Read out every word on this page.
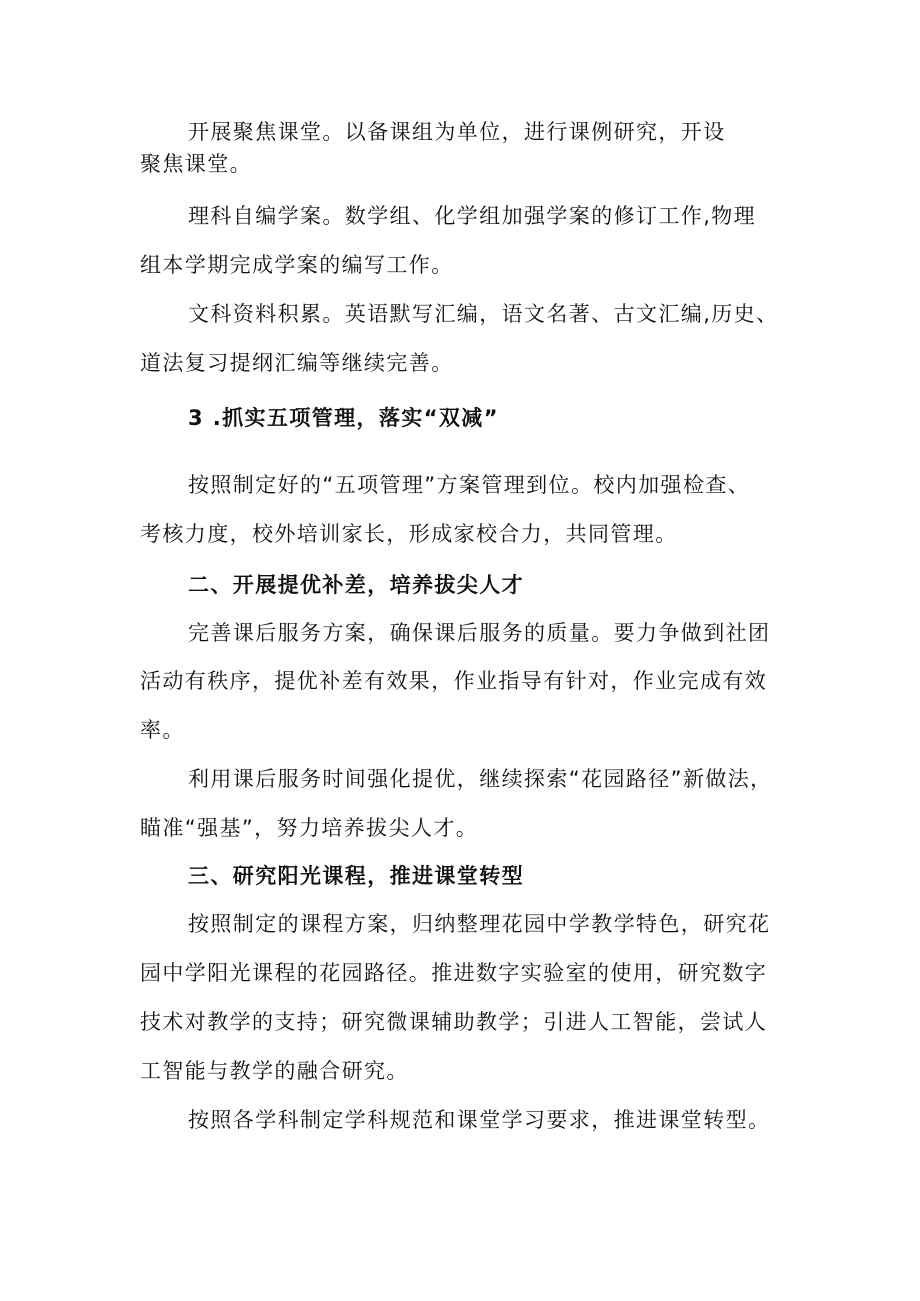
开展聚焦课堂。以备课组为单位，进行课例研究，开设
聚焦课堂。
理科自编学案。数学组、化学组加强学案的修订工作,物理
组本学期完成学案的编写工作。
文科资料积累。英语默写汇编，语文名著、古文汇编,历史、
道法复习提纲汇编等继续完善。
3 .抓实五项管理，落实“双减”
按照制定好的“五项管理”方案管理到位。校内加强检查、
考核力度，校外培训家长，形成家校合力，共同管理。
二、开展提优补差，培养拔尖人才
完善课后服务方案，确保课后服务的质量。要力争做到社团
活动有秩序，提优补差有效果，作业指导有针对，作业完成有效
率。
利用课后服务时间强化提优，继续探索“花园路径”新做法，
瞄准“强基”，努力培养拔尖人才。
三、研究阳光课程，推进课堂转型
按照制定的课程方案，归纳整理花园中学教学特色，研究花
园中学阳光课程的花园路径。推进数字实验室的使用，研究数字
技术对教学的支持；研究微课辅助教学；引进人工智能，尝试人
工智能与教学的融合研究。
按照各学科制定学科规范和课堂学习要求，推进课堂转型。
